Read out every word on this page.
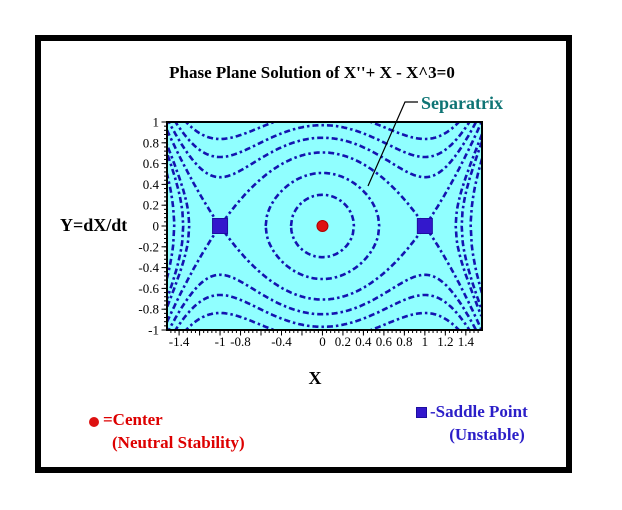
-1.4 -1 -0.8 -0.4 0 0.2 0.4 0.6 0.8 1 1.2 1.4
1
0.8
0.6
0.4
0.2
0
-0.2
-0.4
-0.6
-0.8
-1
Phase Plane Solution of X''+ X - X^3=0
Separatrix
Y=dX/dt
X
=Center
(Neutral Stability)
-Saddle Point
(Unstable)
